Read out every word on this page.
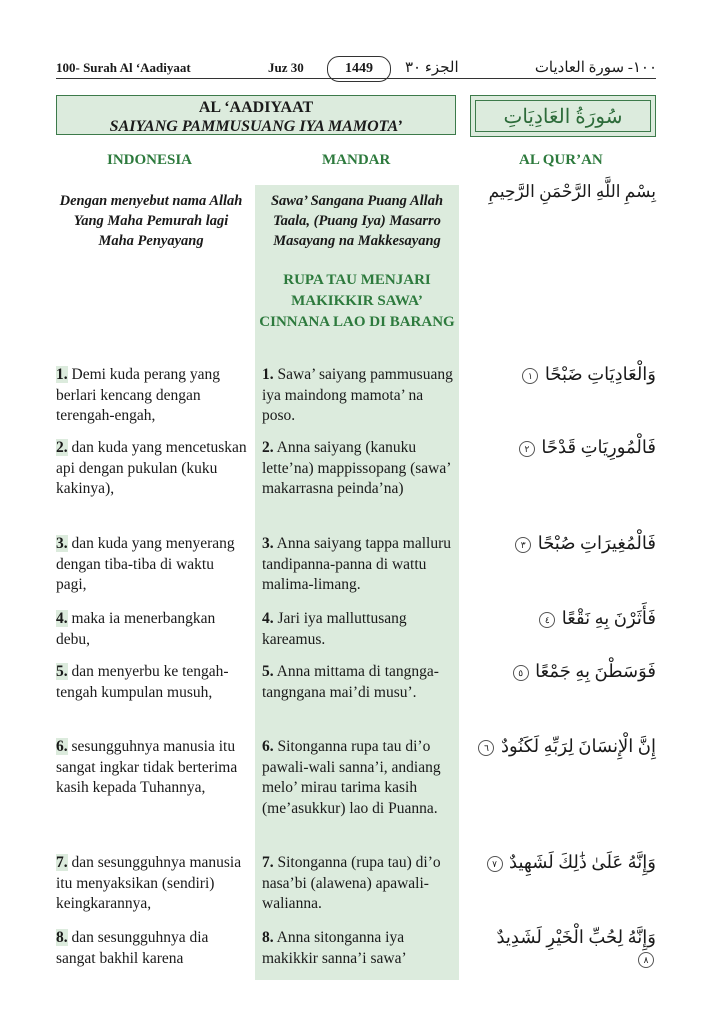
100- Surah Al ‘Aadiyaat	Juz 30	1449	الجزء ٣٠	١٠٠- سورة العاديات
AL ‘AADIYAAT
SAIYANG PAMMUSUANG IYA MAMOTA’	سُورَةُ العَادِيَاتِ
INDONESIA	MANDAR	AL QUR’AN
Dengan menyebut nama Allah Yang Maha Pemurah lagi Maha Penyayang
Sawa’ Sangana Puang Allah Taala, (Puang Iya) Masarro Masayang na Makkesayang
بِسْمِ اللَّهِ الرَّحْمَنِ الرَّحِيمِ
RUPA TAU MENJARI MAKIKKIR SAWA’ CINNANA LAO DI BARANG
1. Demi kuda perang yang berlari kencang dengan terengah-engah,
1. Sawa’ saiyang pammusuang iya maindong mamota’ na poso.
وَالْعَادِيَاتِ ضَبْحًا ١
2. dan kuda yang mencetuskan api dengan pukulan (kuku kakinya),
2. Anna saiyang (kanuku lette’na) mappissopang (sawa’ makarrasna peinda’na)
فَالْمُورِيَاتِ قَدْحًا ٢
3. dan kuda yang menyerang dengan tiba-tiba di waktu pagi,
3. Anna saiyang tappa malluru tandipanna-panna di wattu malima-limang.
فَالْمُغِيرَاتِ صُبْحًا ٣
4. maka ia menerbangkan debu,
4. Jari iya malluttusang kareamus.
فَأَثَرْنَ بِهِ نَقْعًا ٤
5. dan menyerbu ke tengah-tengah kumpulan musuh,
5. Anna mittama di tangnga-tangngana mai’di musu’.
فَوَسَطْنَ بِهِ جَمْعًا ٥
6. sesungguhnya manusia itu sangat ingkar tidak berterima kasih kepada Tuhannya,
6. Sitonganna rupa tau di’o pawali-wali sanna’i, andiang melo’ mirau tarima kasih (me’asukkur) lao di Puanna.
إِنَّ الْإِنسَانَ لِرَبِّهِ لَكَنُودٌ ٦
7. dan sesungguhnya manusia itu menyaksikan (sendiri) keingkarannya,
7. Sitonganna (rupa tau) di’o nasa’bi (alawena) apawali-walianna.
وَإِنَّهُ عَلَىٰ ذَٰلِكَ لَشَهِيدٌ ٧
8. dan sesungguhnya dia sangat bakhil karena
8. Anna sitonganna iya makikkir sanna’i sawa’
وَإِنَّهُ لِحُبِّ الْخَيْرِ لَشَدِيدٌ ٨
